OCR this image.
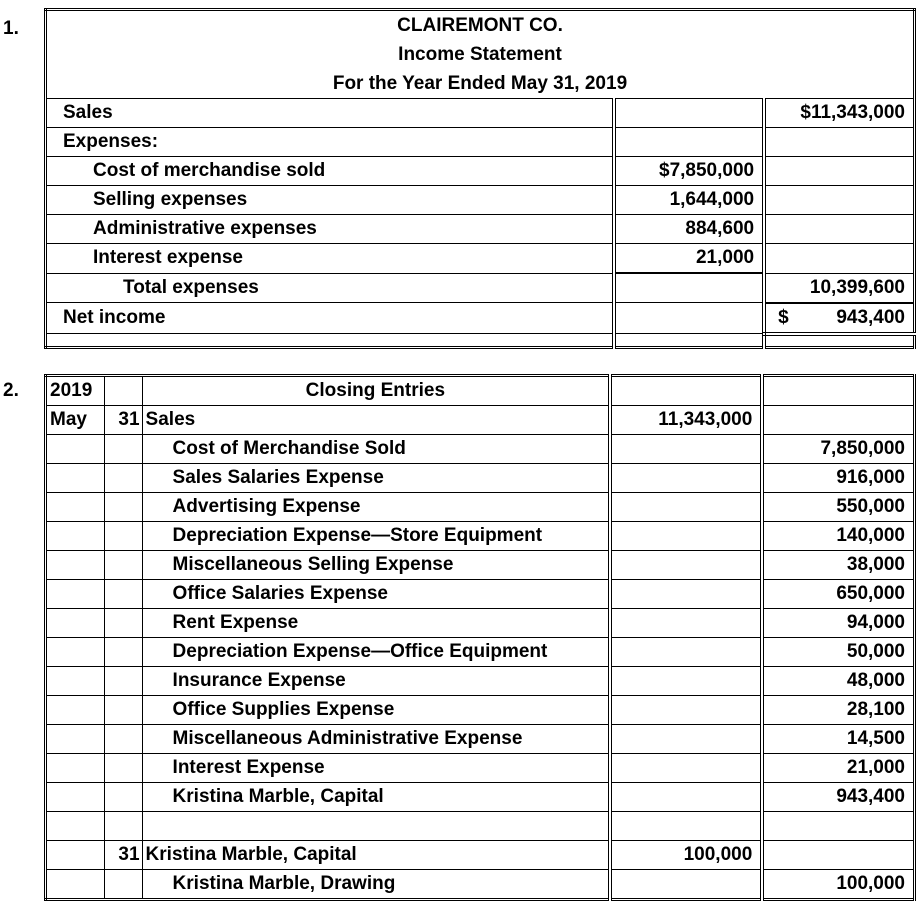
1.	CLAIREMONT CO.		
Income Statement		
For the Year Ended May 31, 2019		
Sales		$11,343,000
Expenses:		
Cost of merchandise sold	$7,850,000	
Selling expenses	1,644,000	
Administrative expenses	884,600	
Interest expense	21,000	
Total expenses		10,399,600
Net income		$ 943,400

2. 2019		Closing Entries		
May	31	Sales	11,343,000	
		Cost of Merchandise Sold		7,850,000
		Sales Salaries Expense		916,000
		Advertising Expense		550,000
		Depreciation Expense—Store Equipment		140,000
		Miscellaneous Selling Expense		38,000
		Office Salaries Expense		650,000
		Rent Expense		94,000
		Depreciation Expense—Office Equipment		50,000
		Insurance Expense		48,000
		Office Supplies Expense		28,100
		Miscellaneous Administrative Expense		14,500
		Interest Expense		21,000
		Kristina Marble, Capital		943,400

	31	Kristina Marble, Capital	100,000	
		Kristina Marble, Drawing		100,000
